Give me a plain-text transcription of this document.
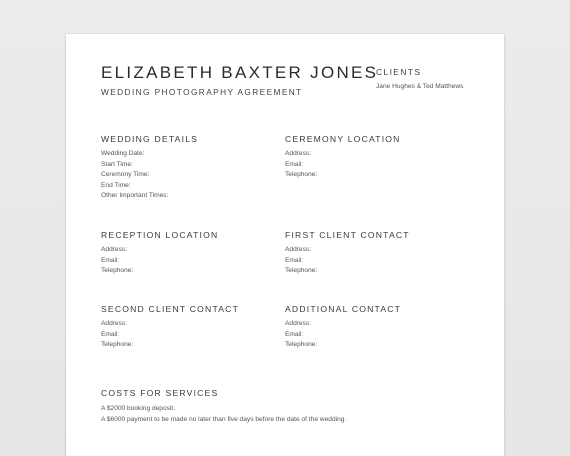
ELIZABETH BAXTER JONES
WEDDING PHOTOGRAPHY AGREEMENT
CLIENTS
Jane Hughes & Ted Matthews
WEDDING DETAILS
Wedding Date:
Start Time:
Ceremony Time:
End Time:
Other Important Times:
CEREMONY LOCATION
Address:
Email:
Telephone:
RECEPTION LOCATION
Address:
Email:
Telephone:
FIRST CLIENT CONTACT
Address:
Email:
Telephone:
SECOND CLIENT CONTACT
Address:
Email:
Telephone:
ADDITIONAL CONTACT
Address:
Email:
Telephone:
COSTS FOR SERVICES
A $2000 booking deposit.
A $6000 payment to be made no later than five days before the date of the wedding.
